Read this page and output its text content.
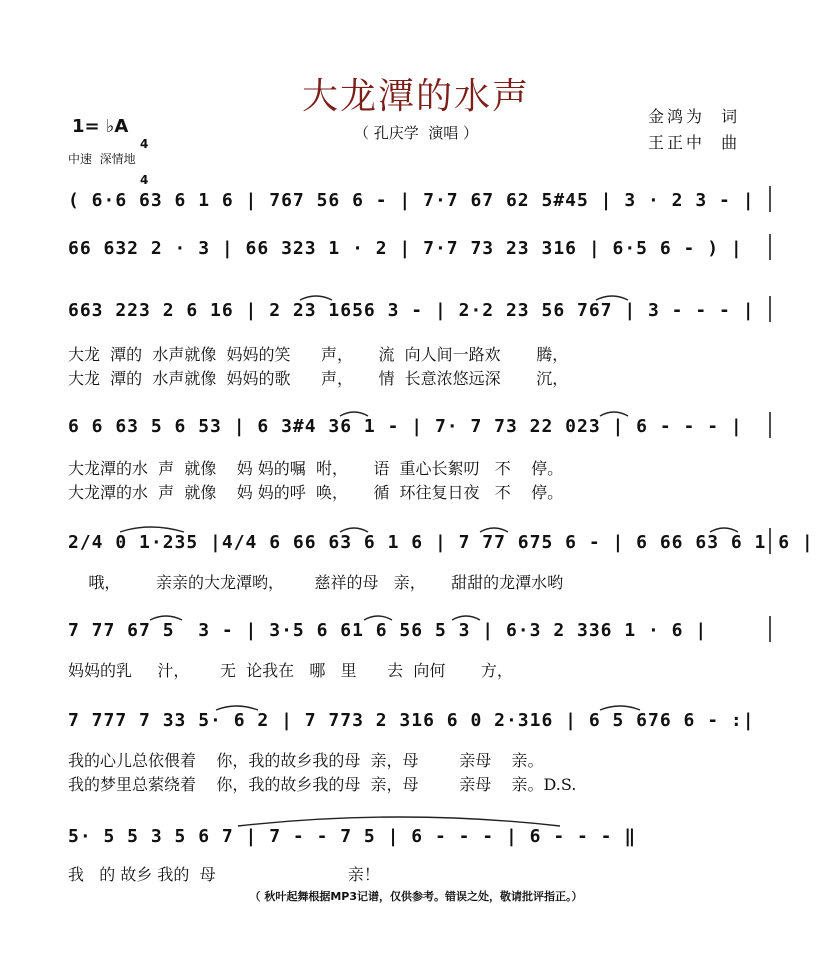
大龙潭的水声
（ 孔庆学  演唱 ）
金鸿为  词
王正中  曲
1= ♭A

4

4

中速  深情地
( 6·6 63 6 1 6 | 767 56 6 - | 7·7 67 62 5#45 | 3 · 2 3 - |
66 632 2 · 3 | 66 323 1 · 2 | 7·7 73 23 316 | 6·5 6 - ) |
663 223 2 6 16 | 2 23 1656 3 - | 2·2 23 56 767 | 3 - - - |
大龙  潭的  水声就像  妈妈的笑      声，     流  向人间一路欢       腾，
大龙  潭的  水声就像  妈妈的歌      声，     情  长意浓悠远深       沉，
6 6 63 5 6 53 | 6 3#4 36 1 - | 7· 7 73 22 023 | 6 - - - |
大龙潭的水  声  就像    妈 妈的嘱  咐，     语  重心长絮叨   不    停。
大龙潭的水  声  就像    妈 妈的呼  唤，     循  环往复日夜   不    停。
2/4 0 1·235 |4/4 6 66 63 6 1 6 | 7 77 675 6 - | 6 66 63 6 1 6 |
哦，       亲亲的大龙潭哟，      慈祥的母   亲，     甜甜的龙潭水哟
7 77 67 5  3 - | 3·5 6 61 6 56 5 3 | 6·3 2 336 1 · 6 |
妈妈的乳     汁，      无  论我在   哪   里      去  向何       方，
7 777 7 33 5· 6 2 | 7 773 2 316 6 0 2·316 | 6 5 676 6 - :|
我的心儿总依偎着    你，我的故乡我的母  亲，母        亲母    亲。
我的梦里总萦绕着    你，我的故乡我的母  亲，母        亲母    亲。D.S.
5· 5 5 3 5 6 7 | 7 - - 7 5 | 6 - - - | 6 - - - ‖
我   的 故乡 我的  母                          亲！
（ 秋叶起舞根据MP3记谱，仅供参考。错误之处，敬请批评指正。）
